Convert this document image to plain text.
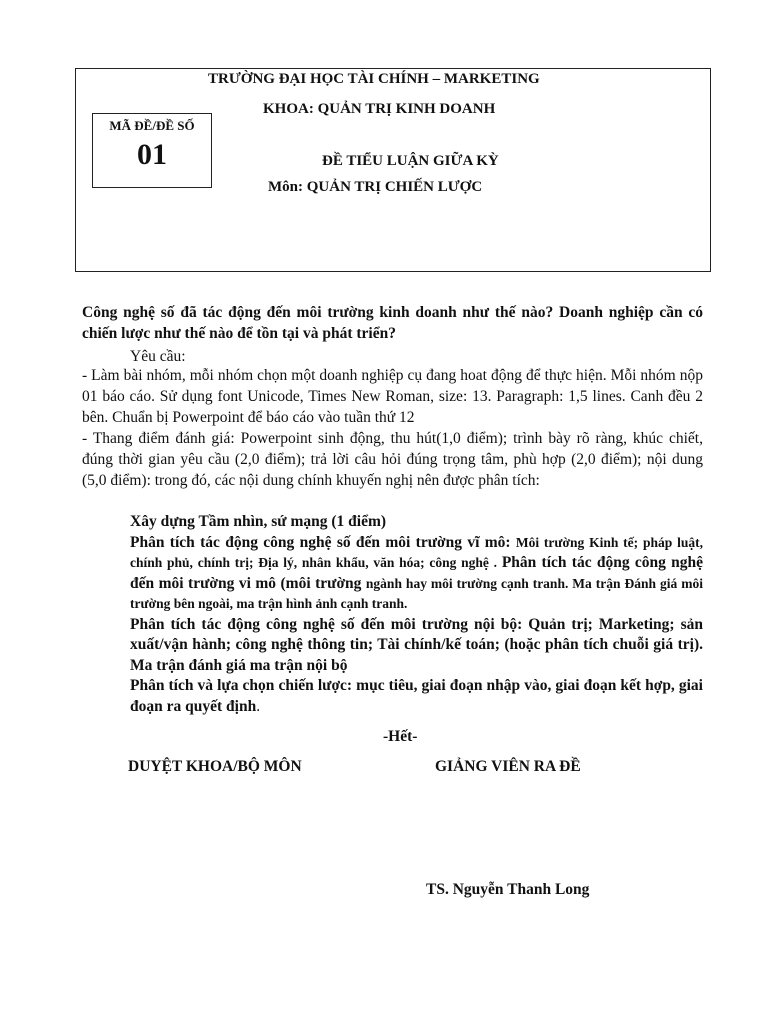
TRƯỜNG ĐẠI HỌC TÀI CHÍNH – MARKETING
KHOA: QUẢN TRỊ KINH DOANH
MÃ ĐỀ/ĐỀ SỐ
01	ĐỀ TIỂU LUẬN GIỮA KỲ
Môn: QUẢN TRỊ CHIẾN LƯỢC
Công nghệ số đã tác động đến môi trường kinh doanh như thế nào? Doanh nghiệp cần có chiến lược như thế nào để tồn tại và phát triển?
Yêu cầu:
- Làm bài nhóm, mỗi nhóm chọn một doanh nghiệp cụ đang hoat động để thực hiện. Mỗi nhóm nộp 01 báo cáo. Sử dụng font Unicode, Times New Roman, size: 13. Paragraph: 1,5 lines. Canh đều 2 bên. Chuẩn bị Powerpoint để báo cáo vào tuần thứ 12
- Thang điểm đánh giá: Powerpoint sinh động, thu hút(1,0 điểm); trình bày rõ ràng, khúc chiết, đúng thời gian yêu cầu (2,0 điểm); trả lời câu hỏi đúng trọng tâm, phù hợp (2,0 điểm); nội dung (5,0 điểm): trong đó, các nội dung chính khuyến nghị nên được phân tích:

Xây dựng Tầm nhìn, sứ mạng (1 điểm)

Phân tích tác động công nghệ số đến môi trường vĩ mô: Môi trường Kinh tế; pháp luật, chính phủ, chính trị; Địa lý, nhân khẩu, văn hóa; công nghệ . Phân tích tác động công nghệ đến môi trường vi mô (môi trường ngành hay môi trường cạnh tranh. Ma trận Đánh giá môi trường bên ngoài, ma trận hình ảnh cạnh tranh.

Phân tích tác động công nghệ số đến môi trường nội bộ: Quản trị; Marketing; sản xuất/vận hành; công nghệ thông tin; Tài chính/kế toán; (hoặc phân tích chuỗi giá trị). Ma trận đánh giá ma trận nội bộ

Phân tích và lựa chọn chiến lược: mục tiêu, giai đoạn nhập vào, giai đoạn kết hợp, giai đoạn ra quyết định.

-Hết-
DUYỆT KHOA/BỘ MÔN	GIẢNG VIÊN RA ĐỀ
TS. Nguyễn Thanh Long
